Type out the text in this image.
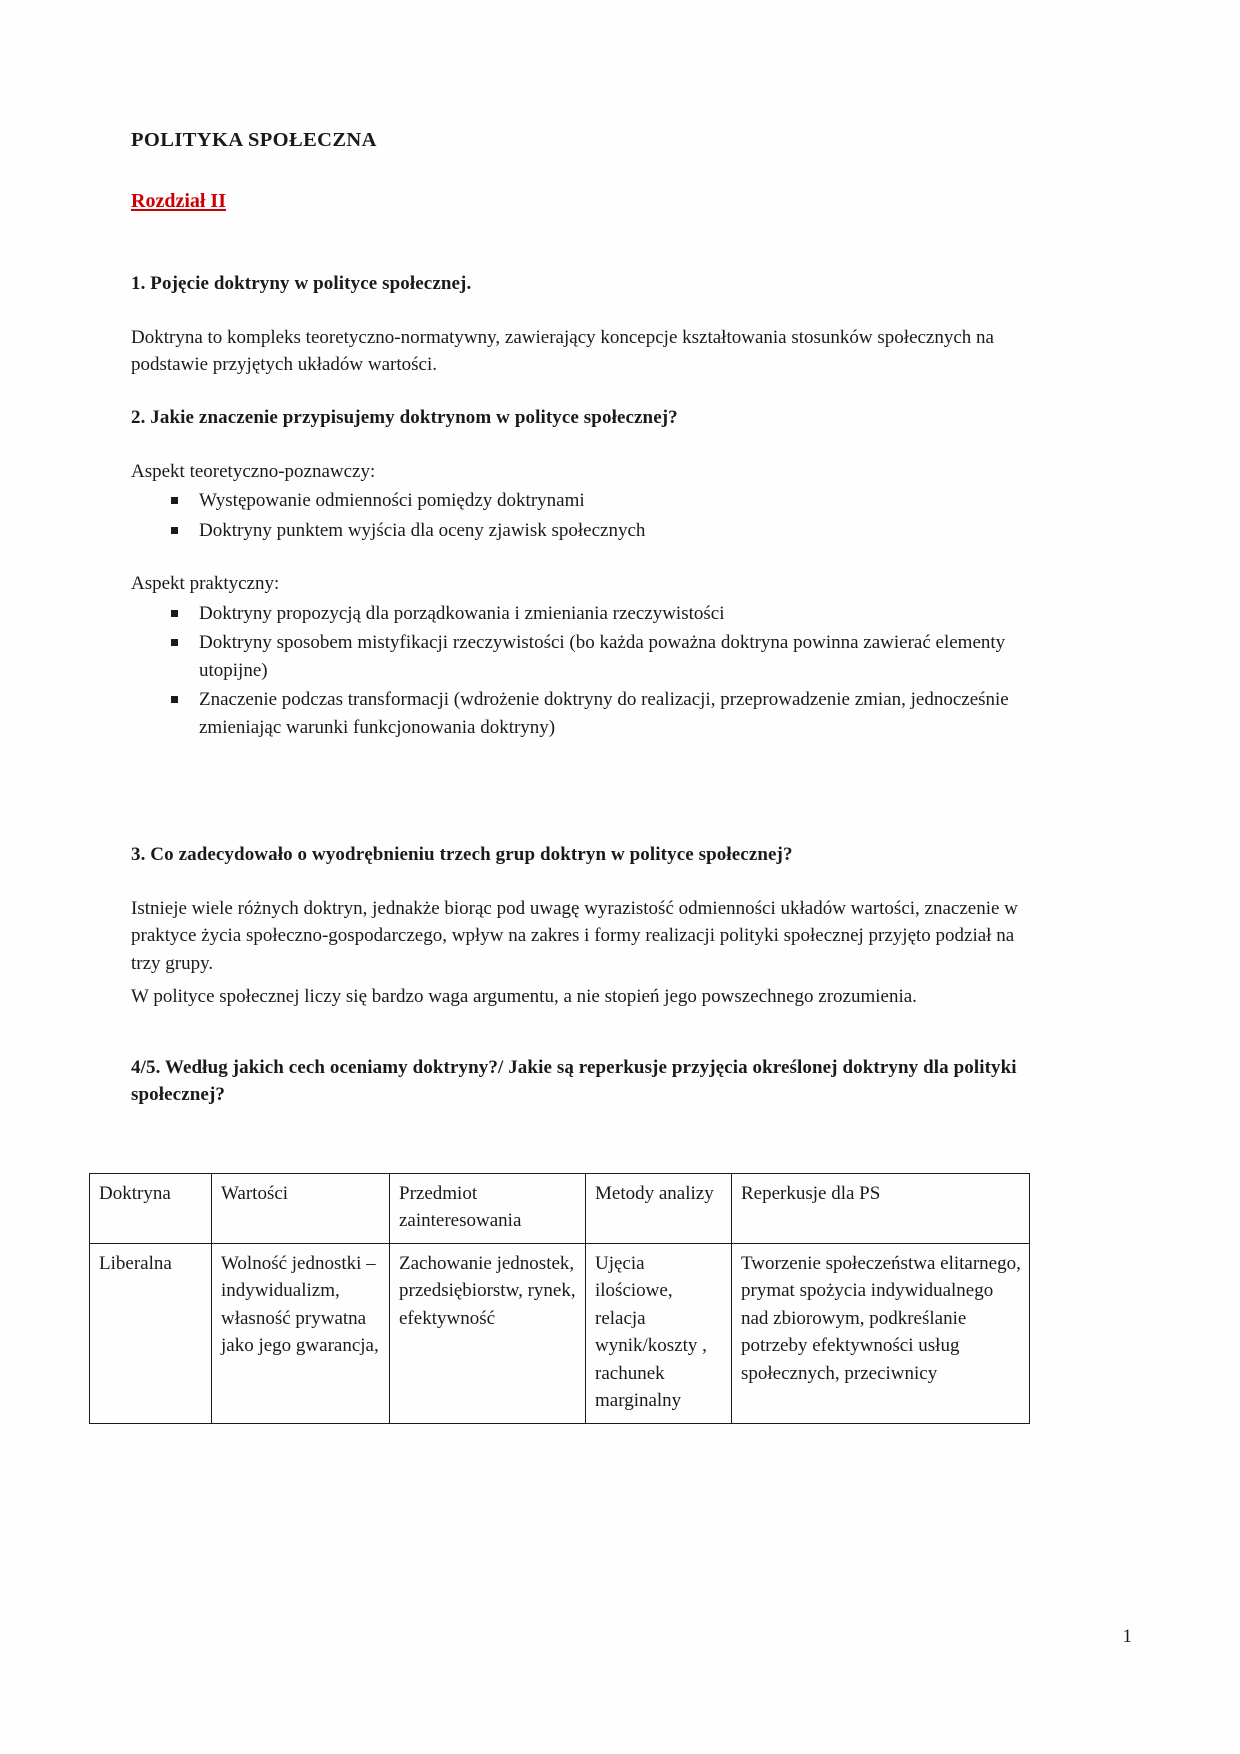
POLITYKA SPOŁECZNA
Rozdział II
1. Pojęcie doktryny w polityce społecznej.
Doktryna to kompleks teoretyczno-normatywny, zawierający koncepcje kształtowania stosunków społecznych na podstawie przyjętych układów wartości.
2. Jakie znaczenie przypisujemy doktrynom w polityce społecznej?
Aspekt teoretyczno-poznawczy:
Występowanie odmienności pomiędzy doktrynami
Doktryny punktem wyjścia dla oceny zjawisk społecznych
Aspekt praktyczny:
Doktryny propozycją dla porządkowania i zmieniania rzeczywistości
Doktryny sposobem mistyfikacji rzeczywistości (bo każda poważna doktryna powinna zawierać elementy utopijne)
Znaczenie podczas transformacji (wdrożenie doktryny do realizacji, przeprowadzenie zmian, jednocześnie zmieniając warunki funkcjonowania doktryny)
3. Co zadecydowało o wyodrębnieniu trzech grup doktryn w polityce społecznej?
Istnieje wiele różnych doktryn, jednakże biorąc pod uwagę wyrazistość odmienności układów wartości, znaczenie w praktyce życia społeczno-gospodarczego, wpływ na zakres i formy realizacji polityki społecznej przyjęto podział na trzy grupy.
W polityce społecznej liczy się bardzo waga argumentu, a nie stopień jego powszechnego zrozumienia.
4/5. Według jakich cech oceniamy doktryny?/ Jakie są reperkusje przyjęcia określonej doktryny dla polityki społecznej?
Doktryna	Wartości	Przedmiot zainteresowania	Metody analizy	Reperkusje dla PS
Liberalna	Wolność jednostki – indywidualizm, własność prywatna jako jego gwarancja,	Zachowanie jednostek, przedsiębiorstw, rynek, efektywność	Ujęcia ilościowe, relacja wynik/koszty , rachunek marginalny	Tworzenie społeczeństwa elitarnego, prymat spożycia indywidualnego nad zbiorowym, podkreślanie potrzeby efektywności usług społecznych, przeciwnicy
1
